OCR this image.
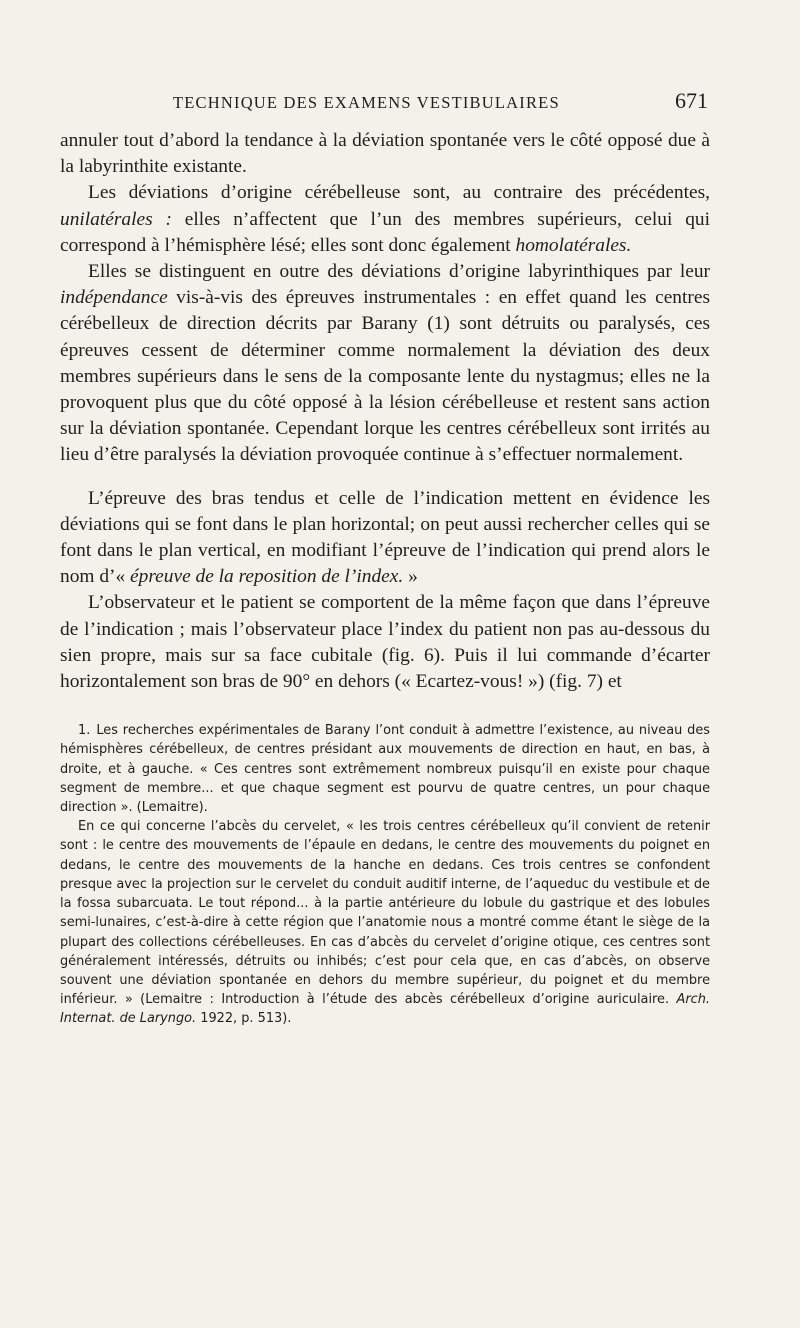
TECHNIQUE DES EXAMENS VESTIBULAIRES	671

annuler tout d’abord la tendance à la déviation spontanée vers le côté opposé due à la labyrinthite existante.

Les déviations d’origine cérébelleuse sont, au contraire des précédentes, unilatérales : elles n’affectent que l’un des membres supérieurs, celui qui correspond à l’hémisphère lésé; elles sont donc également homolatérales.

Elles se distinguent en outre des déviations d’origine labyrinthiques par leur indépendance vis-à-vis des épreuves instrumentales : en effet quand les centres cérébelleux de direction décrits par Barany (1) sont détruits ou paralysés, ces épreuves cessent de déterminer comme normalement la déviation des deux membres supérieurs dans le sens de la composante lente du nystagmus; elles ne la provoquent plus que du côté opposé à la lésion cérébelleuse et restent sans action sur la déviation spontanée. Cependant lorque les centres cérébelleux sont irrités au lieu d’être paralysés la déviation provoquée continue à s’effectuer normalement.

L’épreuve des bras tendus et celle de l’indication mettent en évidence les déviations qui se font dans le plan horizontal; on peut aussi rechercher celles qui se font dans le plan vertical, en modifiant l’épreuve de l’indication qui prend alors le nom d’« épreuve de la reposition de l’index. »

L’observateur et le patient se comportent de la même façon que dans l’épreuve de l’indication ; mais l’observateur place l’index du patient non pas au-dessous du sien propre, mais sur sa face cubitale (fig. 6). Puis il lui commande d’écarter horizontalement son bras de 90° en dehors (« Ecartez-vous! ») (fig. 7) et

1. Les recherches expérimentales de Barany l’ont conduit à admettre l’existence, au niveau des hémisphères cérébelleux, de centres présidant aux mouvements de direction en haut, en bas, à droite, et à gauche. « Ces centres sont extrêmement nombreux puisqu’il en existe pour chaque segment de membre... et que chaque segment est pourvu de quatre centres, un pour chaque direction ». (Lemaitre).

En ce qui concerne l’abcès du cervelet, « les trois centres cérébelleux qu’il convient de retenir sont : le centre des mouvements de l’épaule en dedans, le centre des mouvements du poignet en dedans, le centre des mouvements de la hanche en dedans. Ces trois centres se confondent presque avec la projection sur le cervelet du conduit auditif interne, de l’aqueduc du vestibule et de la fossa subarcuata. Le tout répond... à la partie antérieure du lobule du gastrique et des lobules semi-lunaires, c’est-à-dire à cette région que l’anatomie nous a montré comme étant le siège de la plupart des collections cérébelleuses. En cas d’abcès du cervelet d’origine otique, ces centres sont généralement intéressés, détruits ou inhibés; c’est pour cela que, en cas d’abcès, on observe souvent une déviation spontanée en dehors du membre supérieur, du poignet et du membre inférieur. » (Lemaitre : Introduction à l’étude des abcès cérébelleux d’origine auriculaire. Arch. Internat. de Laryngo. 1922, p. 513).
